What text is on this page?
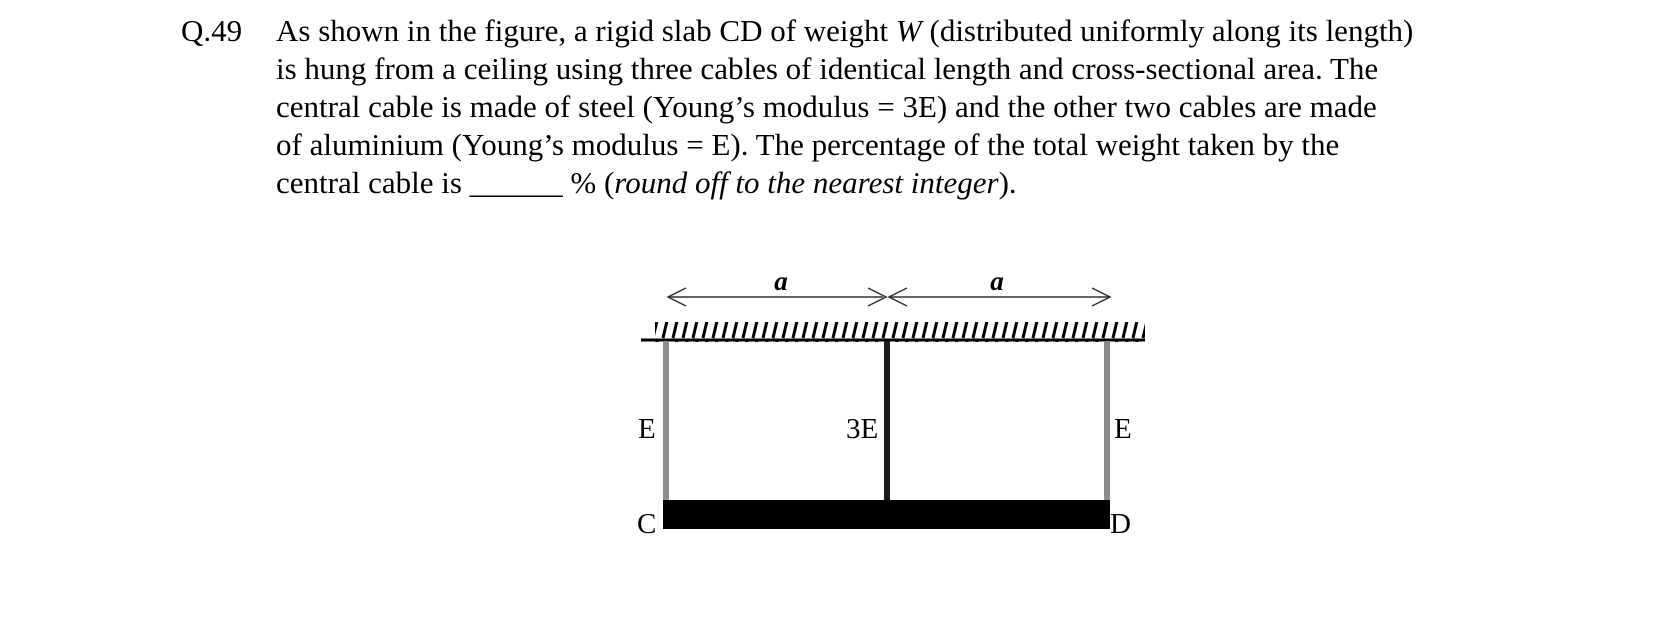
Q.49 As shown in the figure, a rigid slab CD of weight W (distributed uniformly along its length)
is hung from a ceiling using three cables of identical length and cross-sectional area. The
central cable is made of steel (Young’s modulus = 3E) and the other two cables are made
of aluminium (Young’s modulus = E). The percentage of the total weight taken by the
central cable is ______ % (round off to the nearest integer).
a	a
E	3E	E
C	D
